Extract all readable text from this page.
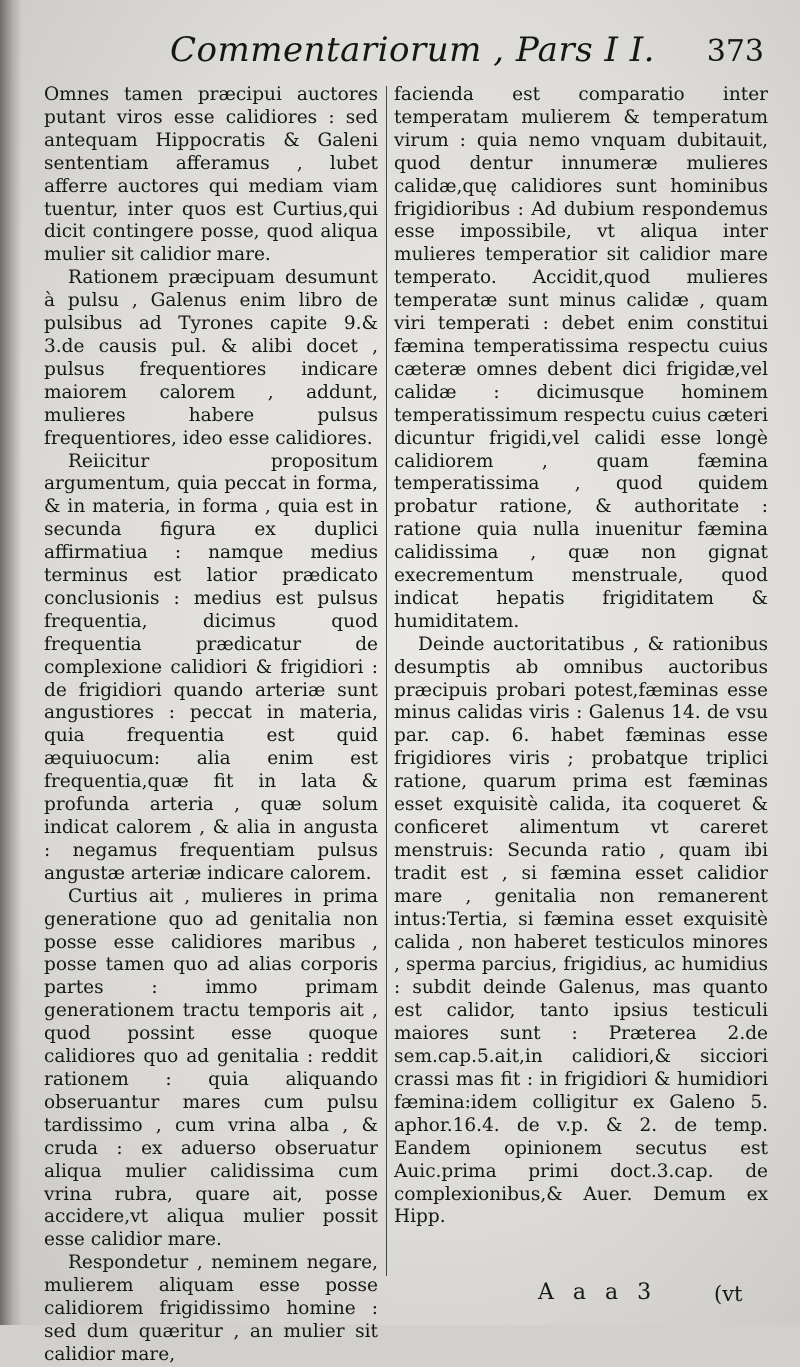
Commentariorum , Pars I I. 373

Omnes tamen præcipui auctores putant viros esse calidiores : sed antequam Hippocratis & Galeni sententiam afferamus , lubet afferre auctores qui mediam viam tuentur, inter quos est Curtius,qui dicit contingere posse, quod aliqua mulier sit calidior mare.

Rationem præcipuam desumunt à pulsu , Galenus enim libro de pulsibus ad Tyrones capite 9.& 3.de causis pul. & alibi docet , pulsus frequentiores indicare maiorem calorem , addunt, mulieres habere pulsus frequentiores, ideo esse calidiores.

Reiicitur propositum argumentum, quia peccat in forma, & in materia, in forma , quia est in secunda figura ex duplici affirmatiua : namque medius terminus est latior prædicato conclusionis : medius est pulsus frequentia, dicimus quod frequentia prædicatur de complexione calidiori & frigidiori : de frigidiori quando arteriæ sunt angustiores : peccat in materia, quia frequentia est quid æquiuocum: alia enim est frequentia,quæ fit in lata & profunda arteria , quæ solum indicat calorem , & alia in angusta : negamus frequentiam pulsus angustæ arteriæ indicare calorem.

Curtius ait , mulieres in prima generatione quo ad genitalia non posse esse calidiores maribus , posse tamen quo ad alias corporis partes : immo primam generationem tractu temporis ait , quod possint esse quoque calidiores quo ad genitalia : reddit rationem : quia aliquando obseruantur mares cum pulsu tardissimo , cum vrina alba , & cruda : ex aduerso obseruatur aliqua mulier calidissima cum vrina rubra, quare ait, posse accidere,vt aliqua mulier possit esse calidior mare.

Respondetur , neminem negare, mulierem aliquam esse posse calidiorem frigidissimo homine : sed dum quæritur , an mulier sit calidior mare,

facienda est comparatio inter temperatam mulierem & temperatum virum : quia nemo vnquam dubitauit, quod dentur innumeræ mulieres calidæ,quę calidiores sunt hominibus frigidioribus : Ad dubium respondemus esse impossibile, vt aliqua inter mulieres temperatior sit calidior mare temperato. Accidit,quod mulieres temperatæ sunt minus calidæ , quam viri temperati : debet enim constitui fæmina temperatissima respectu cuius cæteræ omnes debent dici frigidæ,vel calidæ : dicimusque hominem temperatissimum respectu cuius cæteri dicuntur frigidi,vel calidi esse longè calidiorem , quam fæmina temperatissima , quod quidem probatur ratione, & authoritate : ratione quia nulla inuenitur fæmina calidissima , quæ non gignat execrementum menstruale, quod indicat hepatis frigiditatem & humiditatem.

Deinde auctoritatibus , & rationibus desumptis ab omnibus auctoribus præcipuis probari potest,fæminas esse minus calidas viris : Galenus 14. de vsu par. cap. 6. habet fæminas esse frigidiores viris ; probatque triplici ratione, quarum prima est fæminas esset exquisitè calida, ita coqueret & conficeret alimentum vt careret menstruis: Secunda ratio , quam ibi tradit est , si fæmina esset calidior mare , genitalia non remanerent intus:Tertia, si fæmina esset exquisitè calida , non haberet testiculos minores , sperma parcius, frigidius, ac humidius : subdit deinde Galenus, mas quanto est calidor, tanto ipsius testiculi maiores sunt : Præterea 2.de sem.cap.5.ait,in calidiori,& sicciori crassi mas fit : in frigidiori & humidiori fæmina:idem colligitur ex Galeno 5. aphor.16.4. de v.p. & 2. de temp. Eandem opinionem secutus est Auic.prima primi doct.3.cap. de complexionibus,& Auer. Demum ex Hipp.

A a a 3	(vt
